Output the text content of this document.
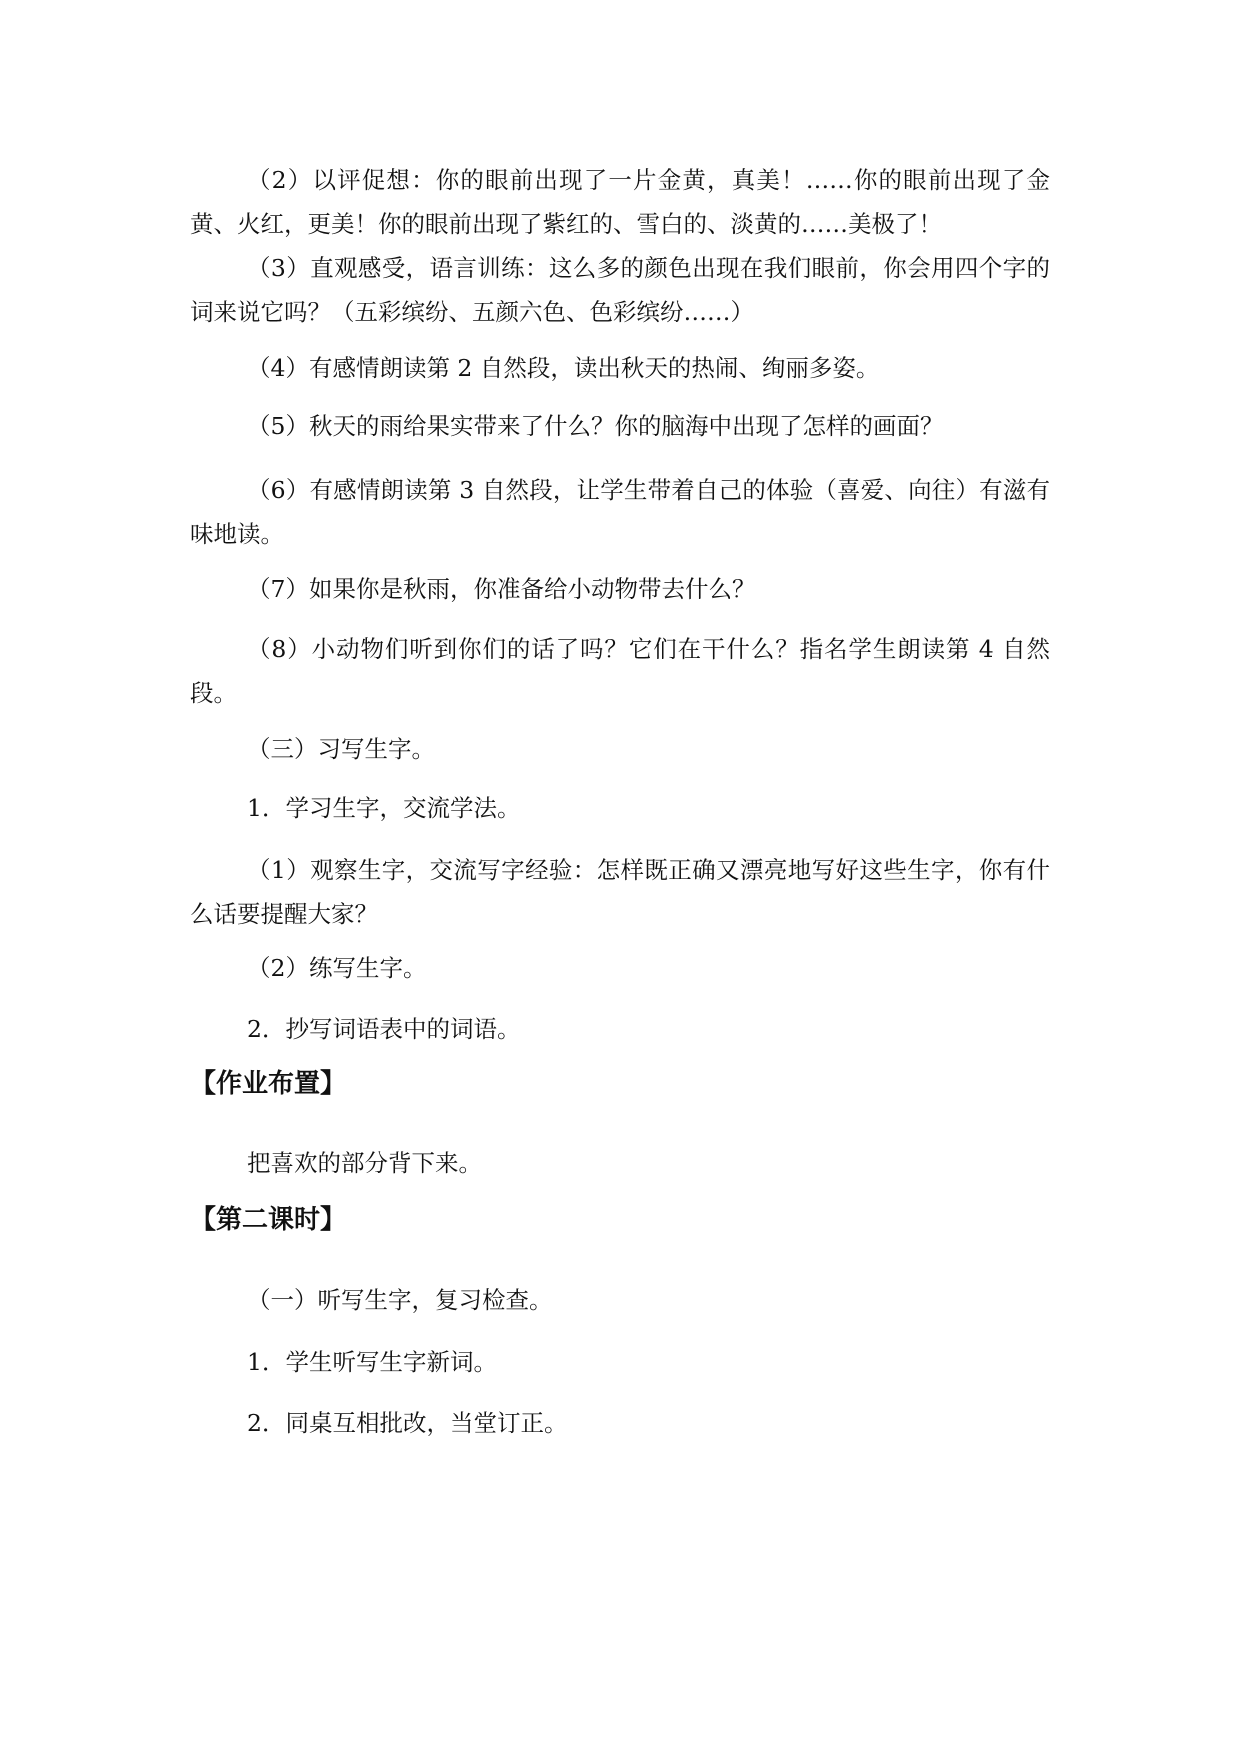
（2）以评促想：你的眼前出现了一片金黄，真美！……你的眼前出现了金黄、火红，更美！你的眼前出现了紫红的、雪白的、淡黄的……美极了！
（3）直观感受，语言训练：这么多的颜色出现在我们眼前，你会用四个字的词来说它吗？（五彩缤纷、五颜六色、色彩缤纷……）
（4）有感情朗读第 2 自然段，读出秋天的热闹、绚丽多姿。
（5）秋天的雨给果实带来了什么？你的脑海中出现了怎样的画面？
（6）有感情朗读第 3 自然段，让学生带着自己的体验（喜爱、向往）有滋有味地读。
（7）如果你是秋雨，你准备给小动物带去什么？
（8）小动物们听到你们的话了吗？它们在干什么？指名学生朗读第 4 自然段。
（三）习写生字。
1．学习生字，交流学法。
（1）观察生字，交流写字经验：怎样既正确又漂亮地写好这些生字，你有什么话要提醒大家？
（2）练写生字。
2．抄写词语表中的词语。
【作业布置】
把喜欢的部分背下来。
【第二课时】
（一）听写生字，复习检查。
1．学生听写生字新词。
2．同桌互相批改，当堂订正。
